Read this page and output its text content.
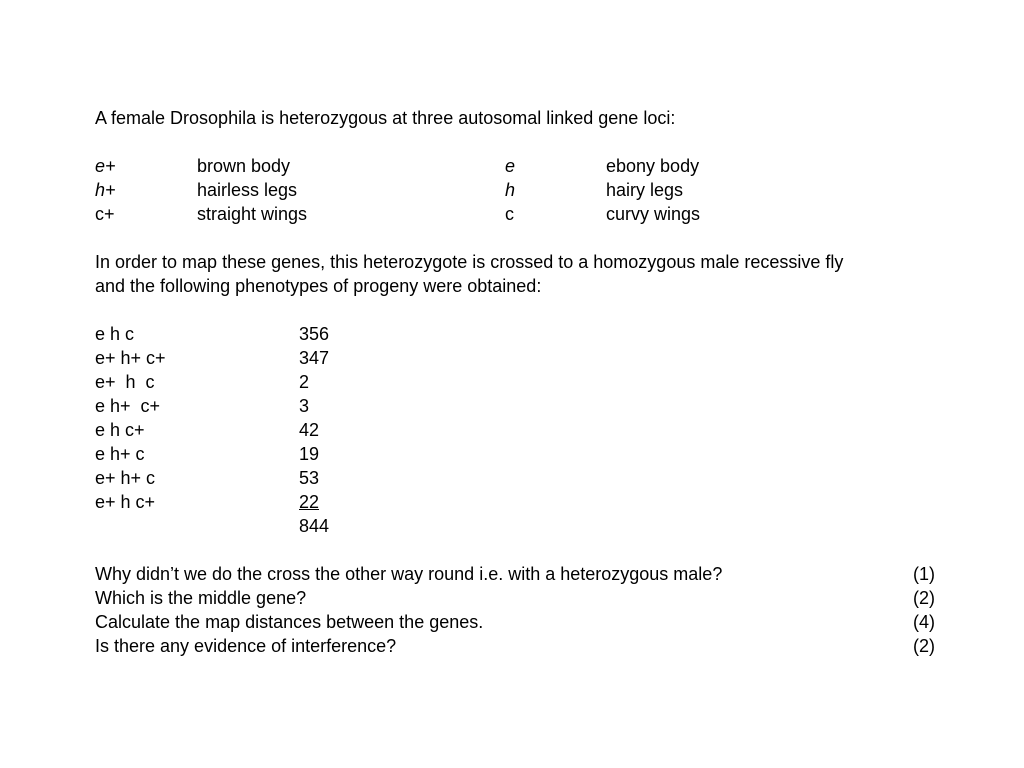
A female Drosophila is heterozygous at three autosomal linked gene loci:
e+	brown body	e	ebony body
h+	hairless legs	h	hairy legs
c+	straight wings	c	curvy wings
In order to map these genes, this heterozygote is crossed to a homozygous male recessive fly
and the following phenotypes of progeny were obtained:
e h c	356
e+ h+ c+	347
e+  h  c	2
e h+  c+	3
e h c+	42
e h+ c	19
e+ h+ c	53
e+ h c+	22
844
Why didn’t we do the cross the other way round i.e. with a heterozygous male?	(1)
Which is the middle gene?	(2)
Calculate the map distances between the genes.	(4)
Is there any evidence of interference?	(2)
